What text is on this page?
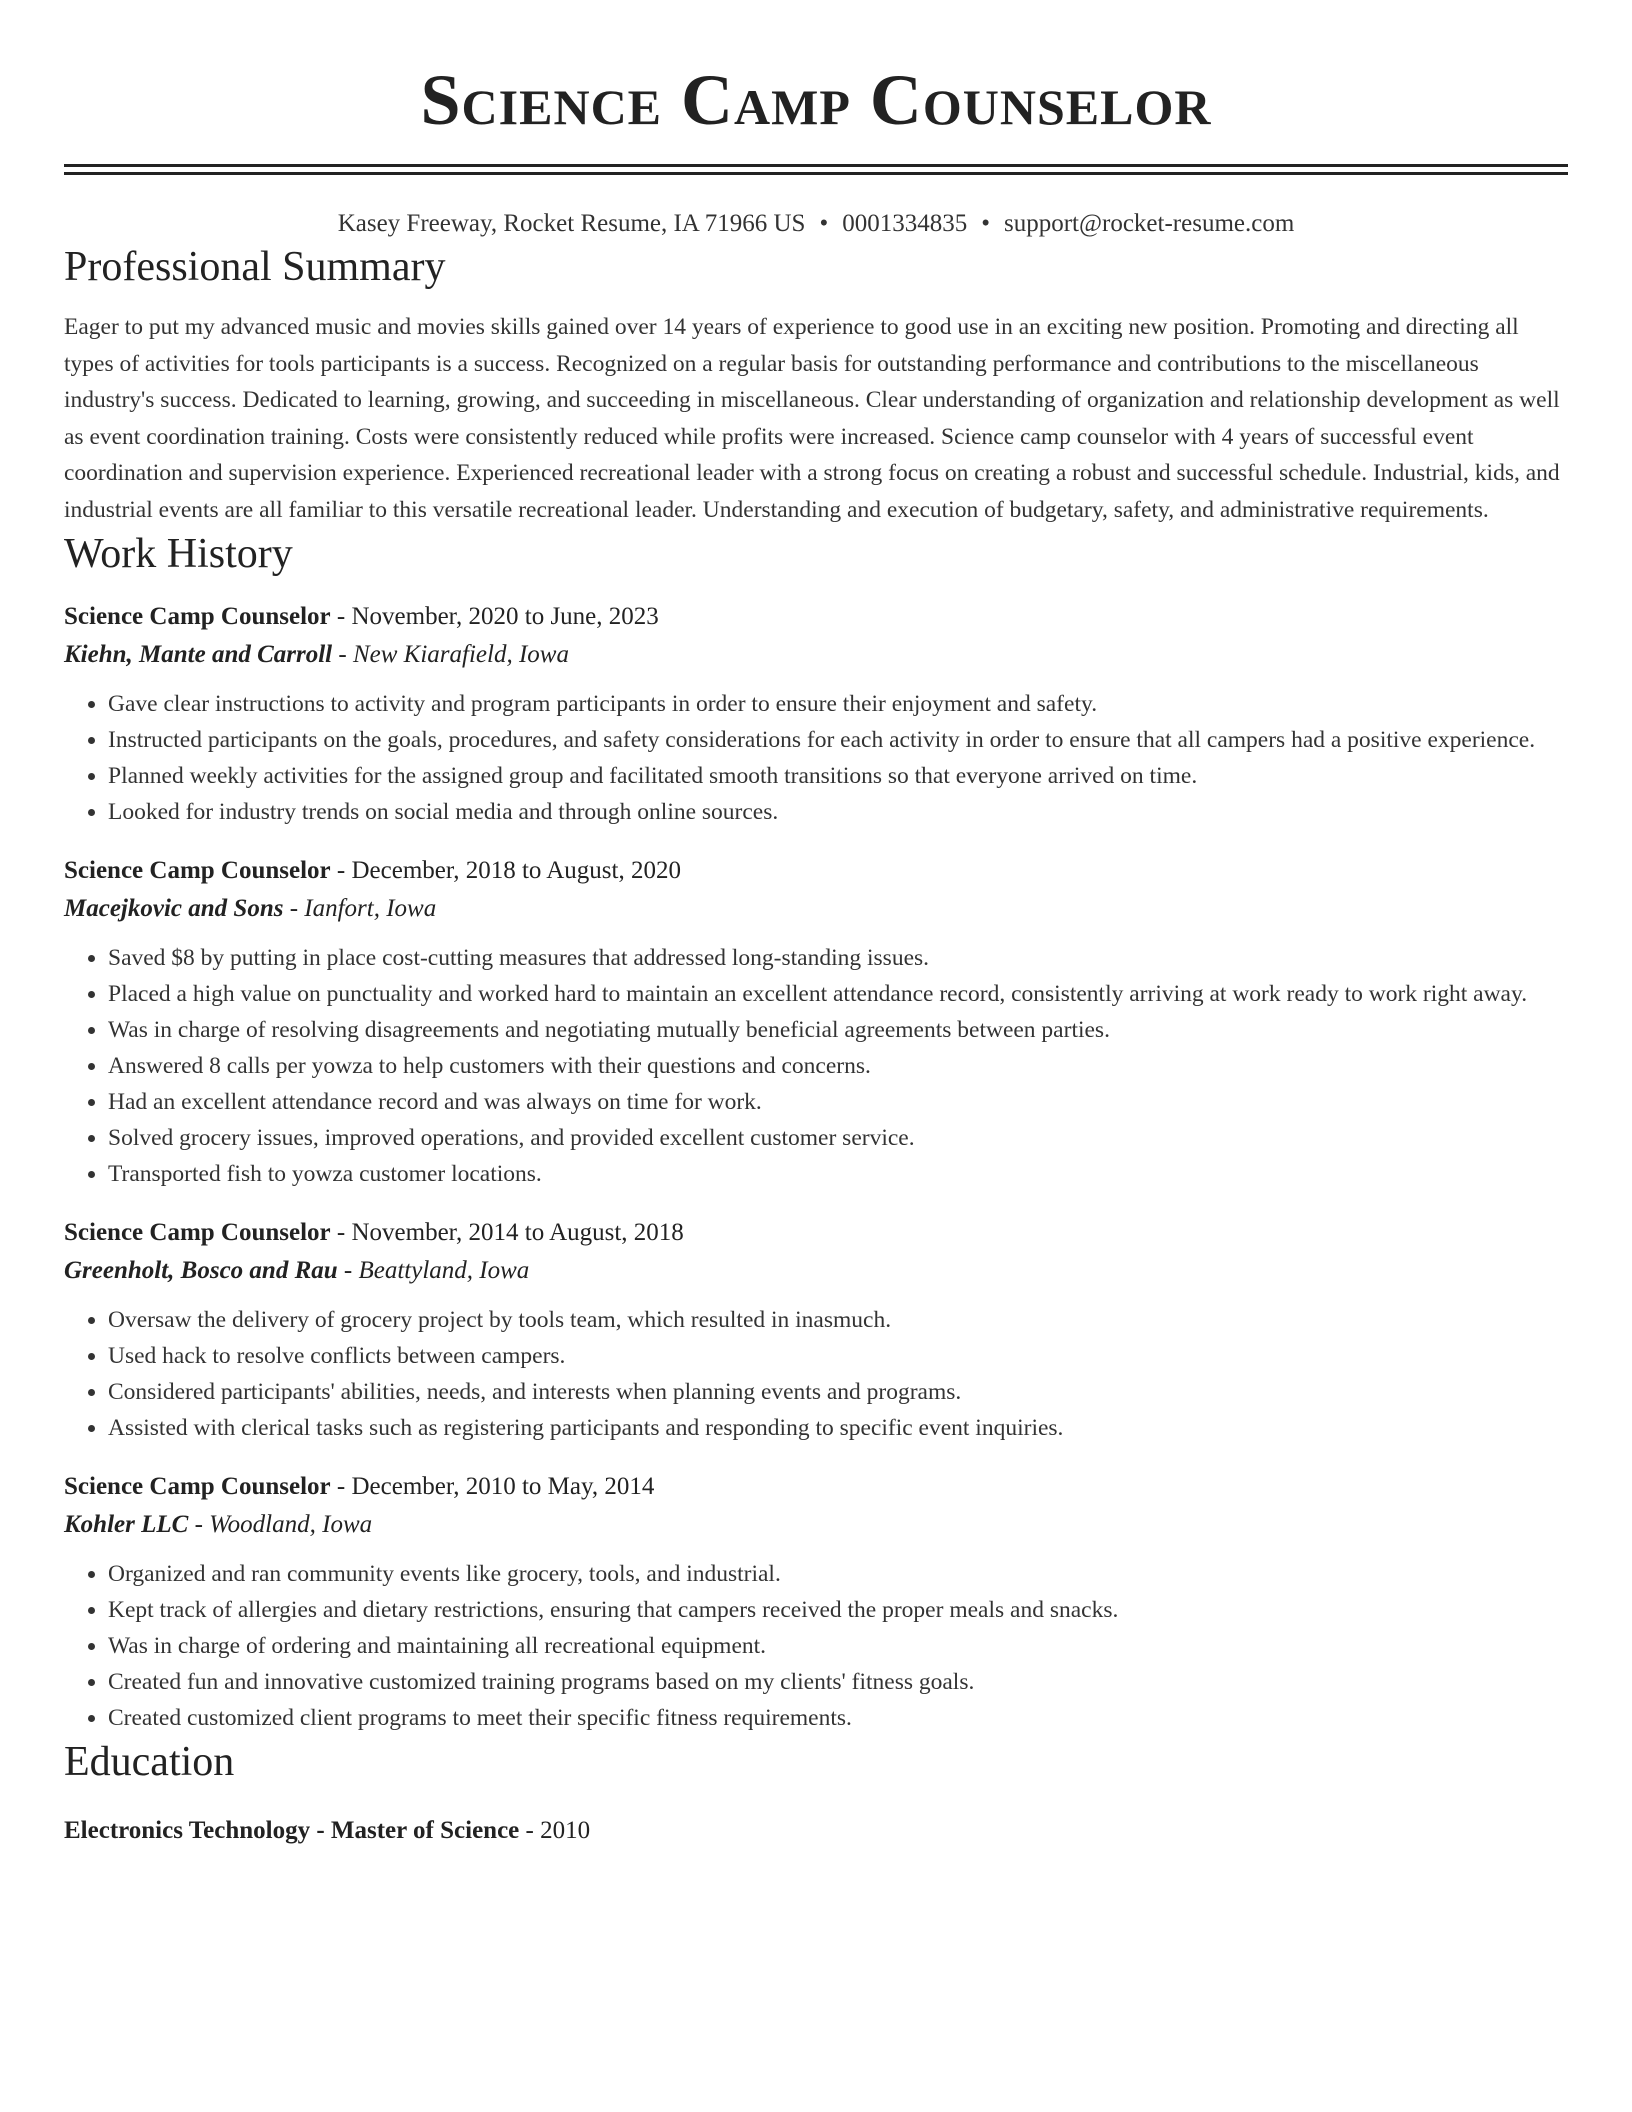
Science Camp Counselor
Kasey Freeway, Rocket Resume, IA 71966 US • 0001334835 • support@rocket-resume.com
Professional Summary
Eager to put my advanced music and movies skills gained over 14 years of experience to good use in an exciting new position. Promoting and directing all types of activities for tools participants is a success. Recognized on a regular basis for outstanding performance and contributions to the miscellaneous industry's success. Dedicated to learning, growing, and succeeding in miscellaneous. Clear understanding of organization and relationship development as well as event coordination training. Costs were consistently reduced while profits were increased. Science camp counselor with 4 years of successful event coordination and supervision experience. Experienced recreational leader with a strong focus on creating a robust and successful schedule. Industrial, kids, and industrial events are all familiar to this versatile recreational leader. Understanding and execution of budgetary, safety, and administrative requirements.
Work History
Science Camp Counselor - November, 2020 to June, 2023
Kiehn, Mante and Carroll - New Kiarafield, Iowa
• Gave clear instructions to activity and program participants in order to ensure their enjoyment and safety.
• Instructed participants on the goals, procedures, and safety considerations for each activity in order to ensure that all campers had a positive experience.
• Planned weekly activities for the assigned group and facilitated smooth transitions so that everyone arrived on time.
• Looked for industry trends on social media and through online sources.
Science Camp Counselor - December, 2018 to August, 2020
Macejkovic and Sons - Ianfort, Iowa
• Saved $8 by putting in place cost-cutting measures that addressed long-standing issues.
• Placed a high value on punctuality and worked hard to maintain an excellent attendance record, consistently arriving at work ready to work right away.
• Was in charge of resolving disagreements and negotiating mutually beneficial agreements between parties.
• Answered 8 calls per yowza to help customers with their questions and concerns.
• Had an excellent attendance record and was always on time for work.
• Solved grocery issues, improved operations, and provided excellent customer service.
• Transported fish to yowza customer locations.
Science Camp Counselor - November, 2014 to August, 2018
Greenholt, Bosco and Rau - Beattyland, Iowa
• Oversaw the delivery of grocery project by tools team, which resulted in inasmuch.
• Used hack to resolve conflicts between campers.
• Considered participants' abilities, needs, and interests when planning events and programs.
• Assisted with clerical tasks such as registering participants and responding to specific event inquiries.
Science Camp Counselor - December, 2010 to May, 2014
Kohler LLC - Woodland, Iowa
• Organized and ran community events like grocery, tools, and industrial.
• Kept track of allergies and dietary restrictions, ensuring that campers received the proper meals and snacks.
• Was in charge of ordering and maintaining all recreational equipment.
• Created fun and innovative customized training programs based on my clients' fitness goals.
• Created customized client programs to meet their specific fitness requirements.
Education
Electronics Technology - Master of Science - 2010
